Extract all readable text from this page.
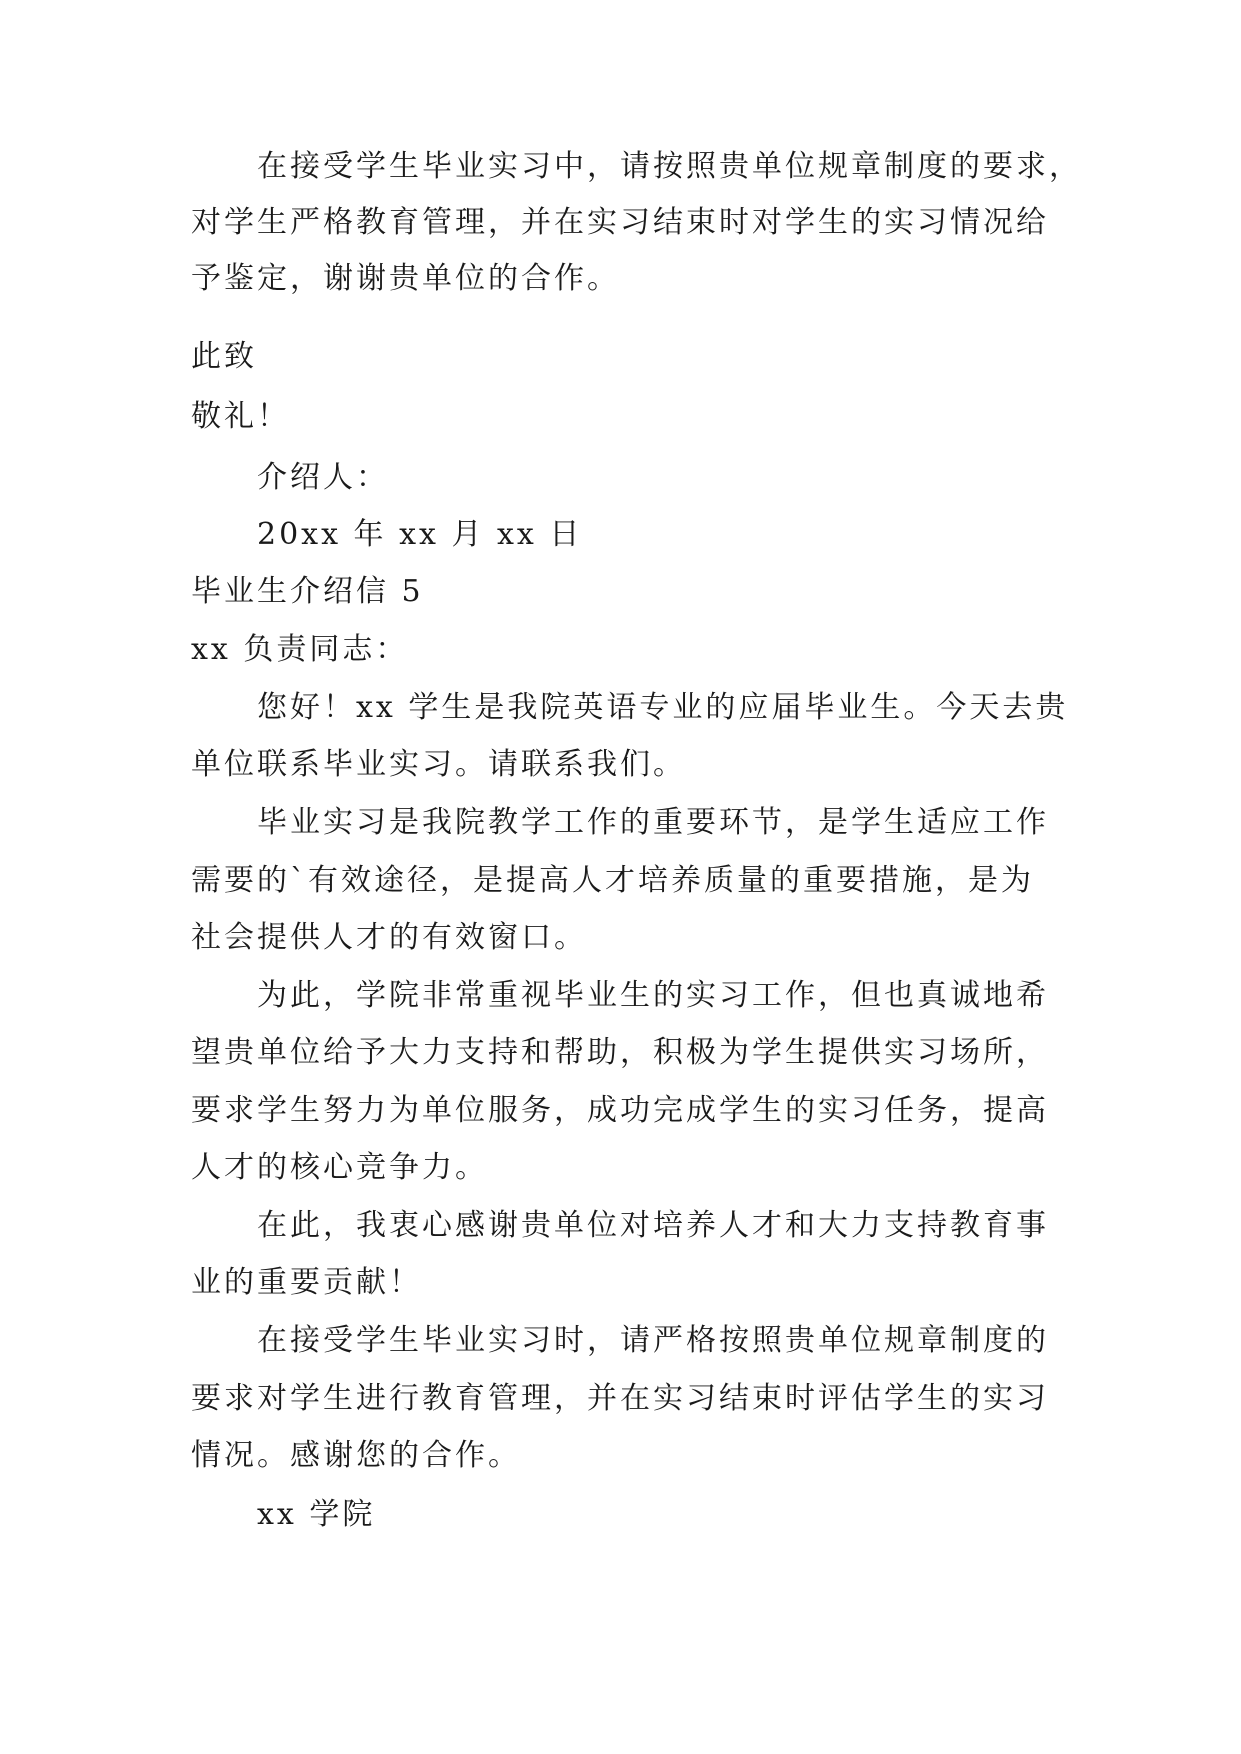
在接受学生毕业实习中，请按照贵单位规章制度的要求，
对学生严格教育管理，并在实习结束时对学生的实习情况给
予鉴定，谢谢贵单位的合作。
此致
敬礼！
介绍人：
20xx 年 xx 月 xx 日
毕业生介绍信 5
xx 负责同志：
您好！xx 学生是我院英语专业的应届毕业生。今天去贵
单位联系毕业实习。请联系我们。
毕业实习是我院教学工作的重要环节，是学生适应工作
需要的`有效途径，是提高人才培养质量的重要措施，是为
社会提供人才的有效窗口。
为此，学院非常重视毕业生的实习工作，但也真诚地希
望贵单位给予大力支持和帮助，积极为学生提供实习场所，
要求学生努力为单位服务，成功完成学生的实习任务，提高
人才的核心竞争力。
在此，我衷心感谢贵单位对培养人才和大力支持教育事
业的重要贡献！
在接受学生毕业实习时，请严格按照贵单位规章制度的
要求对学生进行教育管理，并在实习结束时评估学生的实习
情况。感谢您的合作。
xx 学院
